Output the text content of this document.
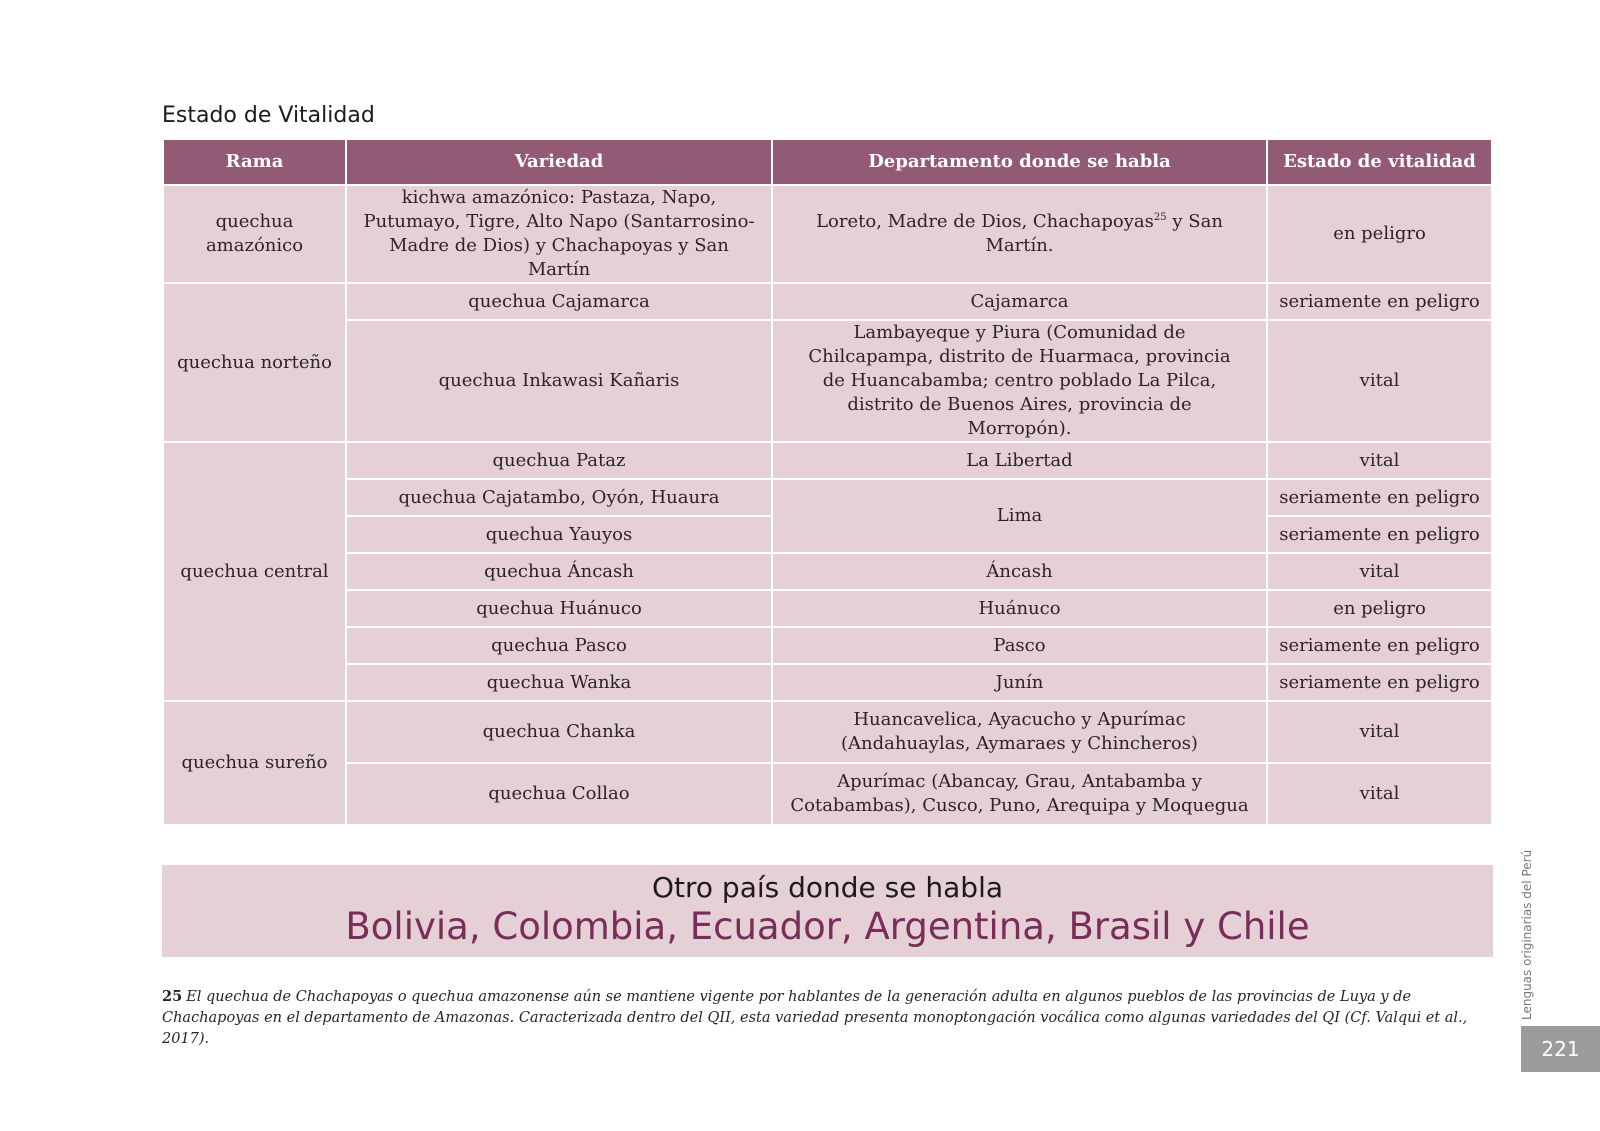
Estado de Vitalidad
Rama	Variedad	Departamento donde se habla	Estado de vitalidad
quechua amazónico	kichwa amazónico: Pastaza, Napo, Putumayo, Tigre, Alto Napo (Santarrosino-Madre de Dios) y Chachapoyas y San Martín	Loreto, Madre de Dios, Chachapoyas$^{25}$ y San Martín.	en peligro
quechua norteño	quechua Cajamarca	Cajamarca	seriamente en peligro
	quechua Inkawasi Kañaris	Lambayeque y Piura (Comunidad de Chilcapampa, distrito de Huarmaca, provincia de Huancabamba; centro poblado La Pilca, distrito de Buenos Aires, provincia de Morropón).	vital
quechua central	quechua Pataz	La Libertad	vital
	quechua Cajatambo, Oyón, Huaura	Lima	seriamente en peligro
	quechua Yauyos		seriamente en peligro
	quechua Áncash	Áncash	vital
	quechua Huánuco	Huánuco	en peligro
	quechua Pasco	Pasco	seriamente en peligro
	quechua Wanka	Junín	seriamente en peligro
quechua sureño	quechua Chanka	Huancavelica, Ayacucho y Apurímac (Andahuaylas, Aymaraes y Chincheros)	vital
	quechua Collao	Apurímac (Abancay, Grau, Antabamba y Cotabambas), Cusco, Puno, Arequipa y Moquegua	vital
Otro país donde se habla
Bolivia, Colombia, Ecuador, Argentina, Brasil y Chile
25 El quechua de Chachapoyas o quechua amazonense aún se mantiene vigente por hablantes de la generación adulta en algunos pueblos de las provincias de Luya y de Chachapoyas en el departamento de Amazonas. Caracterizada dentro del QII, esta variedad presenta monoptongación vocálica como algunas variedades del QI (Cf. Valqui et al., 2017).
Lenguas originarias del Perú
221
